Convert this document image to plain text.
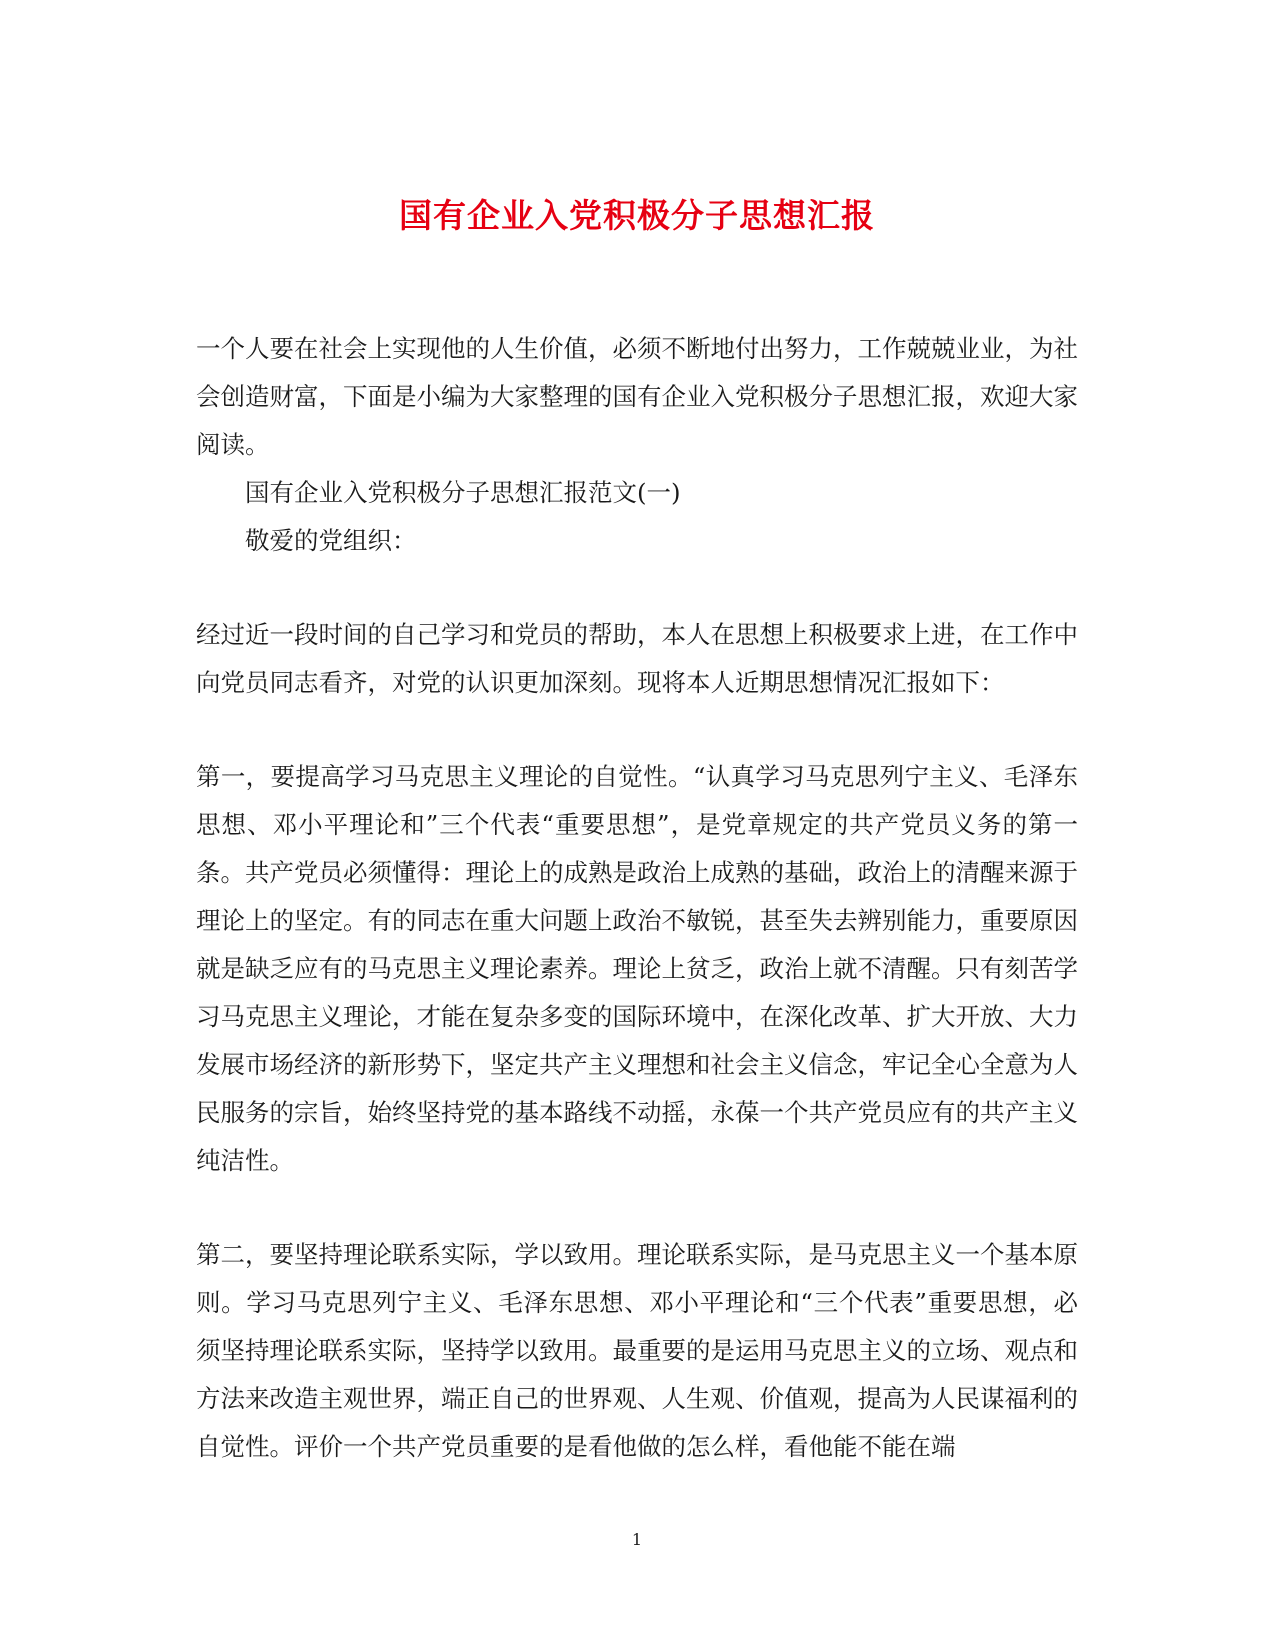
国有企业入党积极分子思想汇报

一个人要在社会上实现他的人生价值，必须不断地付出努力，工作兢兢业业，为社会创造财富，下面是小编为大家整理的国有企业入党积极分子思想汇报，欢迎大家阅读。

国有企业入党积极分子思想汇报范文(一)

敬爱的党组织：

经过近一段时间的自己学习和党员的帮助，本人在思想上积极要求上进，在工作中向党员同志看齐，对党的认识更加深刻。现将本人近期思想情况汇报如下：

第一，要提高学习马克思主义理论的自觉性。“认真学习马克思列宁主义、毛泽东思想、邓小平理论和”三个代表“重要思想”，是党章规定的共产党员义务的第一条。共产党员必须懂得：理论上的成熟是政治上成熟的基础，政治上的清醒来源于理论上的坚定。有的同志在重大问题上政治不敏锐，甚至失去辨别能力，重要原因就是缺乏应有的马克思主义理论素养。理论上贫乏，政治上就不清醒。只有刻苦学习马克思主义理论，才能在复杂多变的国际环境中，在深化改革、扩大开放、大力发展市场经济的新形势下，坚定共产主义理想和社会主义信念，牢记全心全意为人民服务的宗旨，始终坚持党的基本路线不动摇，永葆一个共产党员应有的共产主义纯洁性。

第二，要坚持理论联系实际，学以致用。理论联系实际，是马克思主义一个基本原则。学习马克思列宁主义、毛泽东思想、邓小平理论和“三个代表”重要思想，必须坚持理论联系实际，坚持学以致用。最重要的是运用马克思主义的立场、观点和方法来改造主观世界，端正自己的世界观、人生观、价值观，提高为人民谋福利的自觉性。评价一个共产党员重要的是看他做的怎么样，看他能不能在端

1
